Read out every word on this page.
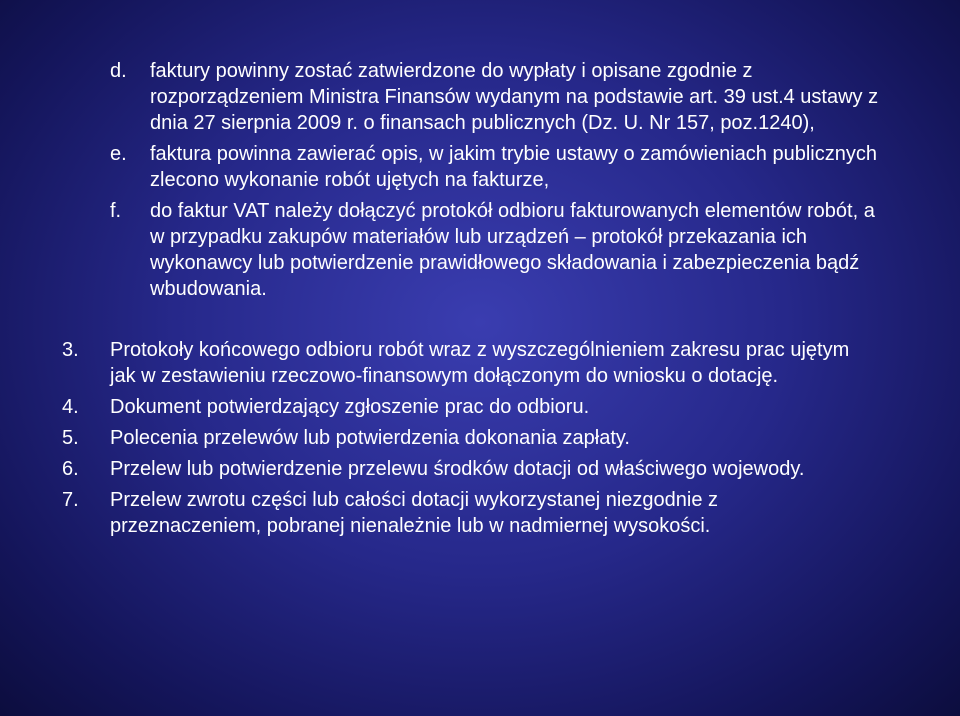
d.	faktury powinny zostać zatwierdzone do wypłaty i opisane zgodnie z rozporządzeniem Ministra Finansów wydanym na podstawie art. 39 ust.4 ustawy z dnia 27 sierpnia 2009 r. o finansach publicznych (Dz. U. Nr 157, poz.1240),
e.	faktura powinna zawierać opis, w jakim trybie ustawy o zamówieniach publicznych zlecono wykonanie robót ujętych na fakturze,
f.	do faktur VAT należy dołączyć protokół odbioru fakturowanych elementów robót, a w przypadku zakupów materiałów lub urządzeń – protokół przekazania ich wykonawcy lub potwierdzenie prawidłowego składowania i zabezpieczenia bądź wbudowania.
3.	Protokoły końcowego odbioru robót wraz z wyszczególnieniem zakresu prac ujętym jak w zestawieniu rzeczowo-finansowym dołączonym do wniosku o dotację.
4.	Dokument potwierdzający zgłoszenie prac do odbioru.
5.	Polecenia przelewów lub potwierdzenia dokonania zapłaty.
6.	Przelew lub potwierdzenie przelewu środków dotacji od właściwego wojewody.
7.	Przelew zwrotu części lub całości dotacji wykorzystanej niezgodnie z przeznaczeniem, pobranej nienależnie lub w nadmiernej wysokości.
